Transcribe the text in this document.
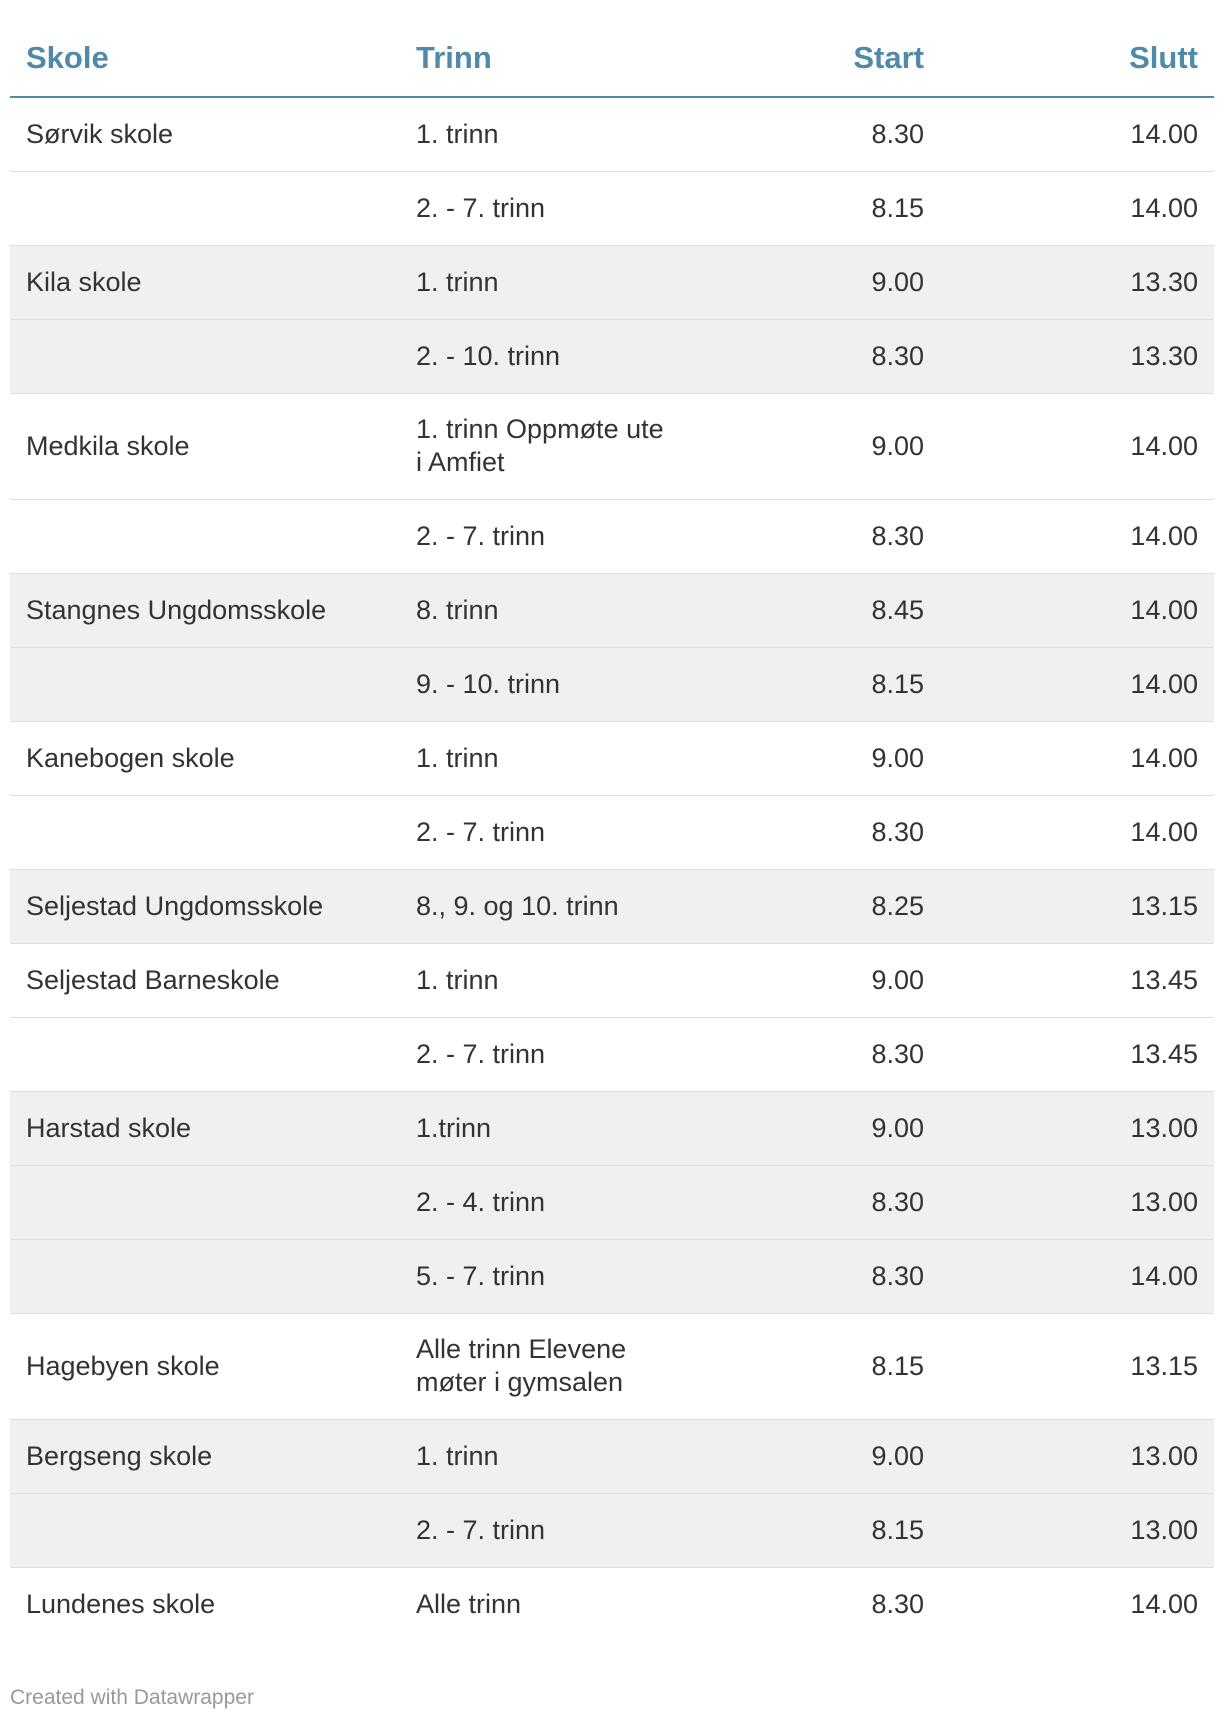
Skole	Trinn	Start	Slutt
Sørvik skole	1. trinn	8.30	14.00
	2. - 7. trinn	8.15	14.00
Kila skole	1. trinn	9.00	13.30
	2. - 10. trinn	8.30	13.30
Medkila skole	1. trinn Oppmøte ute i Amfiet	9.00	14.00
	2. - 7. trinn	8.30	14.00
Stangnes Ungdomsskole	8. trinn	8.45	14.00
	9. - 10. trinn	8.15	14.00
Kanebogen skole	1. trinn	9.00	14.00
	2. - 7. trinn	8.30	14.00
Seljestad Ungdomsskole	8., 9. og 10. trinn	8.25	13.15
Seljestad Barneskole	1. trinn	9.00	13.45
	2. - 7. trinn	8.30	13.45
Harstad skole	1.trinn	9.00	13.00
	2. - 4. trinn	8.30	13.00
	5. - 7. trinn	8.30	14.00
Hagebyen skole	Alle trinn Elevene møter i gymsalen	8.15	13.15
Bergseng skole	1. trinn	9.00	13.00
	2. - 7. trinn	8.15	13.00
Lundenes skole	Alle trinn	8.30	14.00
Created with Datawrapper
